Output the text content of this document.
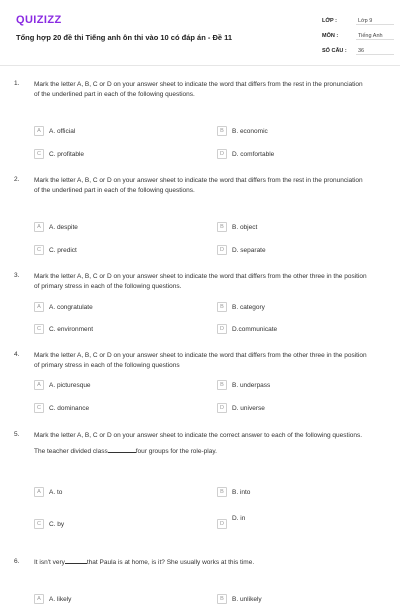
QUIZIZZ
Tổng hợp 20 đề thi Tiếng anh ôn thi vào 10 có đáp án - Đề 11
LỚP :	Lớp 9
MÔN :	Tiếng Anh
SỐ CÂU :	36
1. Mark the letter A, B, C or D on your answer sheet to indicate the word that differs from the rest in the pronunciation
of the underlined part in each of the following questions.
A	A. official	B	B. economic
C	C. profitable	D	D. comfortable
2. Mark the letter A, B, C or D on your answer sheet to indicate the word that differs from the rest in the pronunciation
of the underlined part in each of the following questions.
A	A. despite	B	B. object
C	C. predict	D	D. separate
3. Mark the letter A, B, C or D on your answer sheet to indicate the word that differs from the other three in the position
of primary stress in each of the following questions.
A	A. congratulate	B	B. category
C	C. environment	D	D.communicate
4. Mark the letter A, B, C or D on your answer sheet to indicate the word that differs from the other three in the position
of primary stress in each of the following questions
A	A. picturesque	B	B. underpass
C	C. dominance	D	D. universe
5. Mark the letter A, B, C or D on your answer sheet to indicate the correct answer to each of the following questions.
The teacher divided class	four groups for the role-play.
A	A. to	B	B. into
C	C. by	D
D. in
6. It isn't very	that Paula is at home, is it? She usually works at this time.
A	A. likely	B	B. unlikely
